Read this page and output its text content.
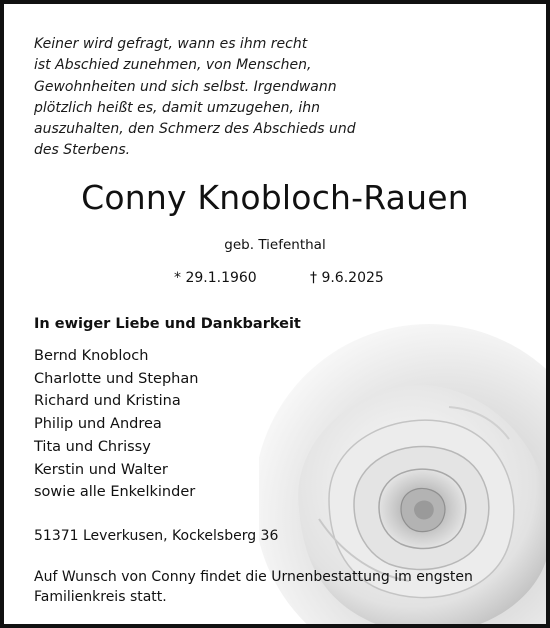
Keiner wird gefragt, wann es ihm recht
ist Abschied zunehmen, von Menschen,
Gewohnheiten und sich selbst. Irgendwann
plötzlich heißt es, damit umzugehen, ihn
auszuhalten, den Schmerz des Abschieds und
des Sterbens.

Conny Knobloch-Rauen
geb. Tiefenthal
* 29.1.1960	† 9.6.2025
In ewiger Liebe und Dankbarkeit
Bernd Knobloch
Charlotte und Stephan
Richard und Kristina
Philip und Andrea
Tita und Chrissy
Kerstin und Walter
sowie alle Enkelkinder
51371 Leverkusen, Kockelsberg 36
Auf Wunsch von Conny findet die Urnenbestattung im engsten Familienkreis statt.
